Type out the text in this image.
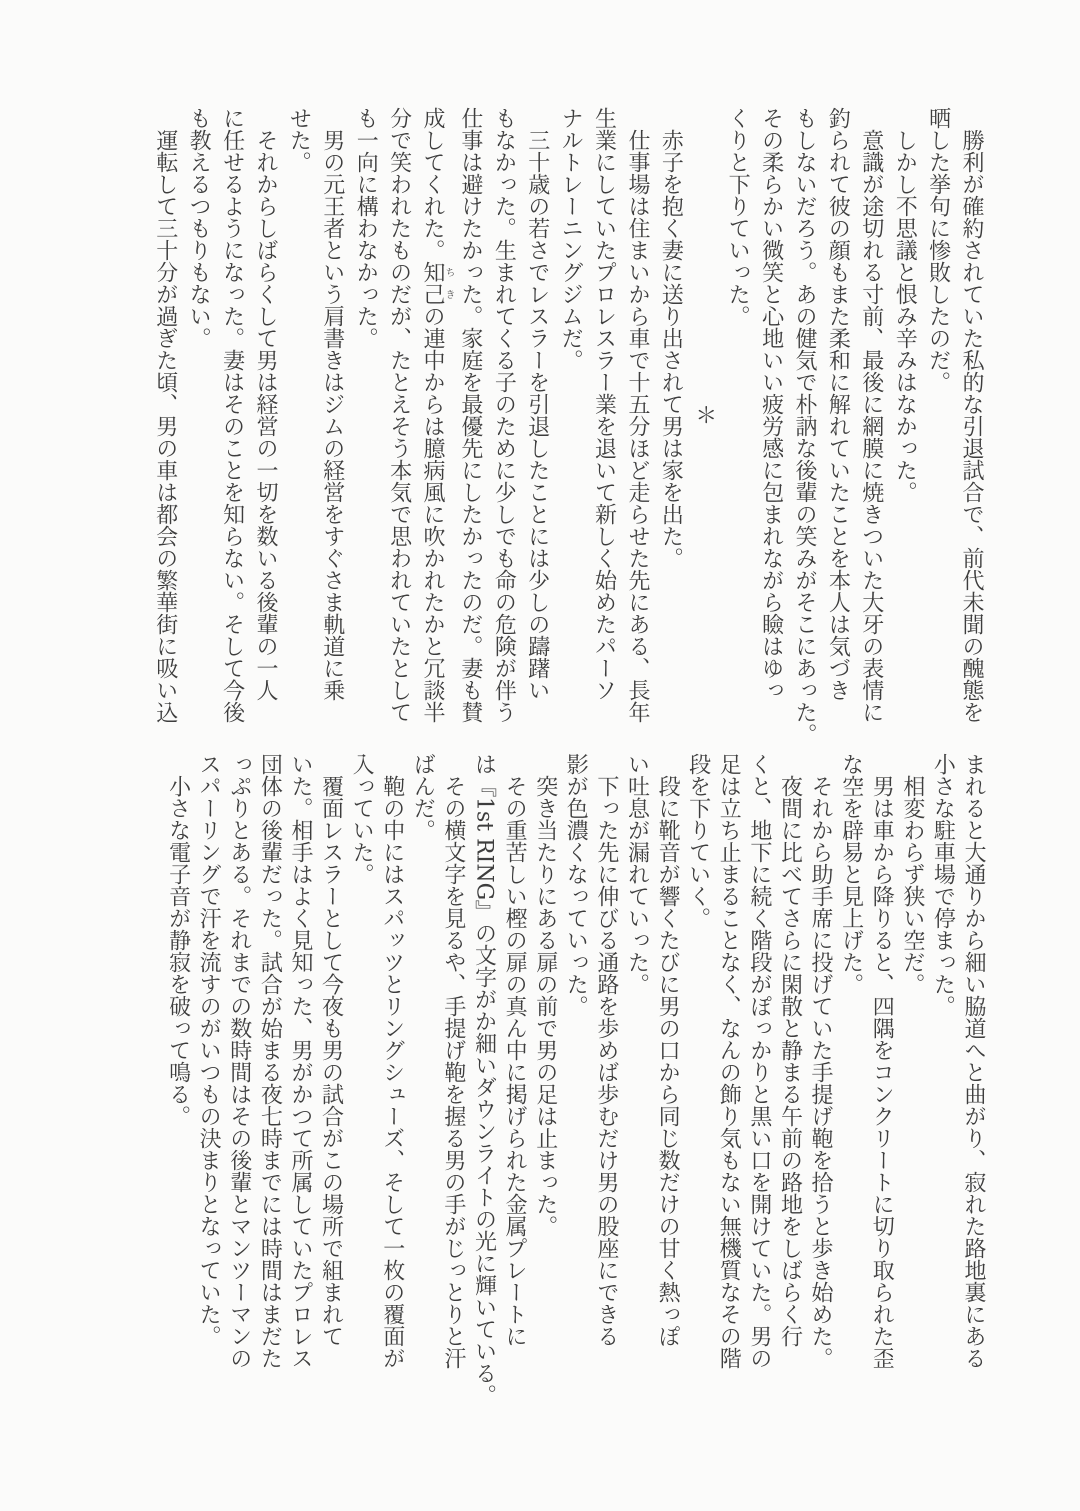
勝利が確約されていた私的な引退試合で、前代未聞の醜態を
晒した挙句に惨敗したのだ。
しかし不思議と恨み辛みはなかった。
意識が途切れる寸前、最後に網膜に焼きついた大牙の表情に
釣られて彼の顔もまた柔和に解れていたことを本人は気づき
もしないだろう。あの健気で朴訥な後輩の笑みがそこにあった。
その柔らかい微笑と心地いい疲労感に包まれながら瞼はゆっ
くりと下りていった。
＊
赤子を抱く妻に送り出されて男は家を出た。
仕事場は住まいから車で十五分ほど走らせた先にある、長年
生業にしていたプロレスラー業を退いて新しく始めたパーソ
ナルトレーニングジムだ。
三十歳の若さでレスラーを引退したことには少しの躊躇い
もなかった。生まれてくる子のために少しでも命の危険が伴う
仕事は避けたかった。家庭を最優先にしたかったのだ。妻も賛
成してくれた。知己ちきの連中からは臆病風に吹かれたかと冗談半
分で笑われたものだが、たとえそう本気で思われていたとして
も一向に構わなかった。
男の元王者という肩書きはジムの経営をすぐさま軌道に乗
せた。
それからしばらくして男は経営の一切を数いる後輩の一人
に任せるようになった。妻はそのことを知らない。そして今後
も教えるつもりもない。
運転して三十分が過ぎた頃、男の車は都会の繁華街に吸い込
まれると大通りから細い脇道へと曲がり、寂れた路地裏にある
小さな駐車場で停まった。
相変わらず狭い空だ。
男は車から降りると、四隅をコンクリートに切り取られた歪
な空を辟易と見上げた。
それから助手席に投げていた手提げ鞄を拾うと歩き始めた。
夜間に比べてさらに閑散と静まる午前の路地をしばらく行
くと、地下に続く階段がぽっかりと黒い口を開けていた。男の
足は立ち止まることなく、なんの飾り気もない無機質なその階
段を下りていく。
段に靴音が響くたびに男の口から同じ数だけの甘く熱っぽ
い吐息が漏れていった。
下った先に伸びる通路を歩めば歩むだけ男の股座にできる
影が色濃くなっていった。
突き当たりにある扉の前で男の足は止まった。
その重苦しい樫の扉の真ん中に掲げられた金属プレートに
は『1st RING』の文字がか細いダウンライトの光に輝いている。
その横文字を見るや、手提げ鞄を握る男の手がじっとりと汗
ばんだ。
鞄の中にはスパッツとリングシューズ、そして一枚の覆面が
入っていた。
覆面レスラーとして今夜も男の試合がこの場所で組まれて
いた。相手はよく見知った、男がかつて所属していたプロレス
団体の後輩だった。試合が始まる夜七時までには時間はまだた
っぷりとある。それまでの数時間はその後輩とマンツーマンの
スパーリングで汗を流すのがいつもの決まりとなっていた。
小さな電子音が静寂を破って鳴る。
